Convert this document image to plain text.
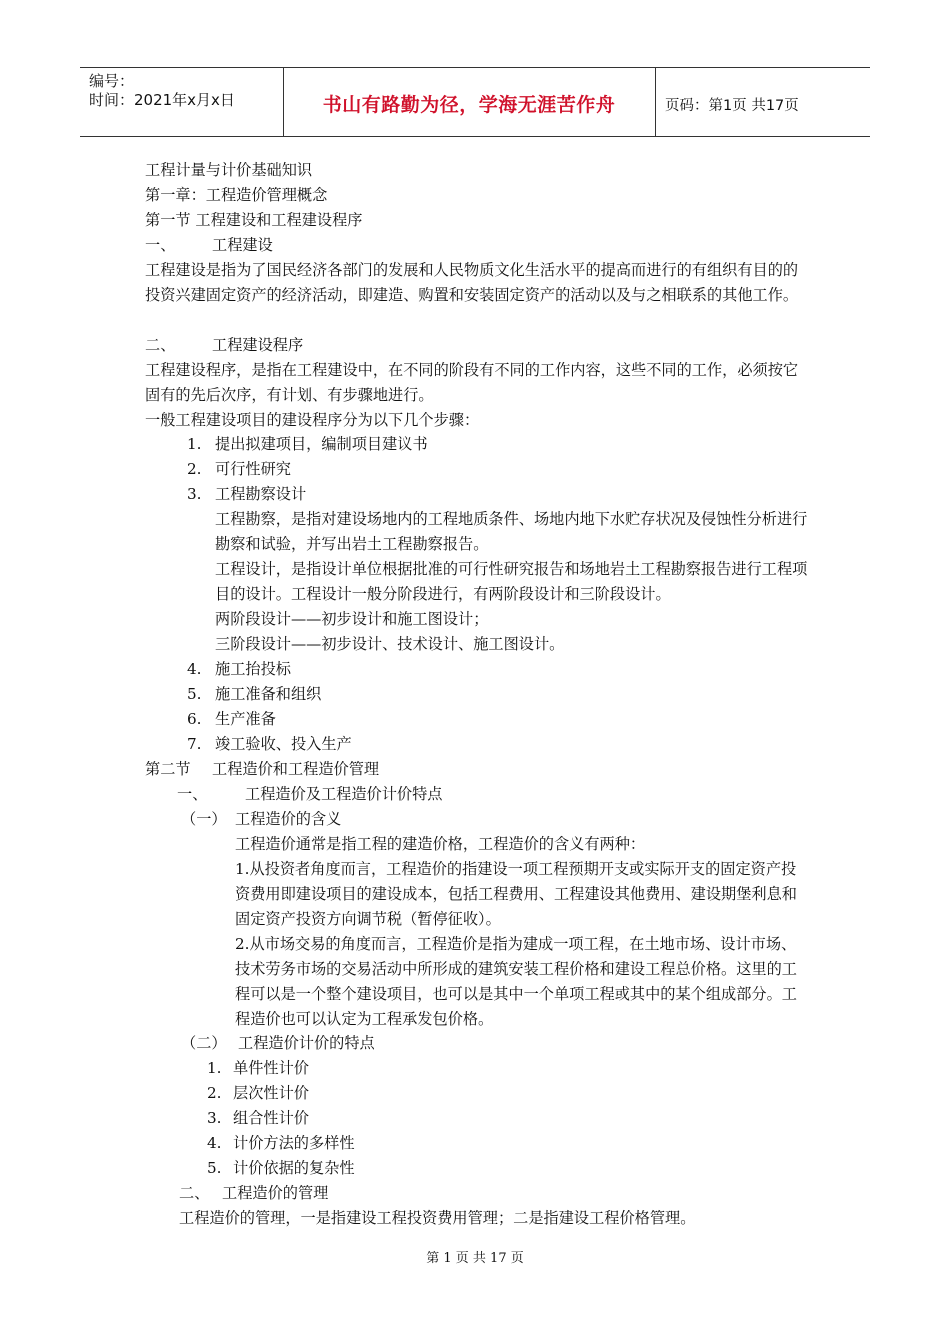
编号：
时间：2021年x月x日	书山有路勤为径，学海无涯苦作舟	页码：第1页 共17页
工程计量与计价基础知识
第一章：工程造价管理概念
第一节 工程建设和工程建设程序
一、 工程建设
工程建设是指为了国民经济各部门的发展和人民物质文化生活水平的提高而进行的有组织有目的的投资兴建固定资产的经济活动，即建造、购置和安装固定资产的活动以及与之相联系的其他工作。
二、 工程建设程序
工程建设程序，是指在工程建设中，在不同的阶段有不同的工作内容，这些不同的工作，必须按它固有的先后次序，有计划、有步骤地进行。
一般工程建设项目的建设程序分为以下几个步骤：
1. 提出拟建项目，编制项目建议书
2. 可行性研究
3. 工程勘察设计
工程勘察，是指对建设场地内的工程地质条件、场地内地下水贮存状况及侵蚀性分析进行勘察和试验，并写出岩土工程勘察报告。
工程设计，是指设计单位根据批准的可行性研究报告和场地岩土工程勘察报告进行工程项目的设计。工程设计一般分阶段进行，有两阶段设计和三阶段设计。
两阶段设计——初步设计和施工图设计；
三阶段设计——初步设计、技术设计、施工图设计。
4. 施工抬投标
5. 施工准备和组织
6. 生产准备
7. 竣工验收、投入生产
第二节 工程造价和工程造价管理
一、 工程造价及工程造价计价特点
（一） 工程造价的含义
工程造价通常是指工程的建造价格，工程造价的含义有两种：
1.从投资者角度而言，工程造价的指建设一项工程预期开支或实际开支的固定资产投资费用即建设项目的建设成本，包括工程费用、工程建设其他费用、建设期堡利息和固定资产投资方向调节税（暂停征收）。
2.从市场交易的角度而言，工程造价是指为建成一项工程，在土地市场、设计市场、技术劳务市场的交易活动中所形成的建筑安装工程价格和建设工程总价格。这里的工程可以是一个整个建设项目，也可以是其中一个单项工程或其中的某个组成部分。工程造价也可以认定为工程承发包价格。
（二） 工程造价计价的特点
1. 单件性计价
2. 层次性计价
3. 组合性计价
4. 计价方法的多样性
5. 计价依据的复杂性
二、 工程造价的管理
工程造价的管理，一是指建设工程投资费用管理；二是指建设工程价格管理。
第 1 页 共 17 页
